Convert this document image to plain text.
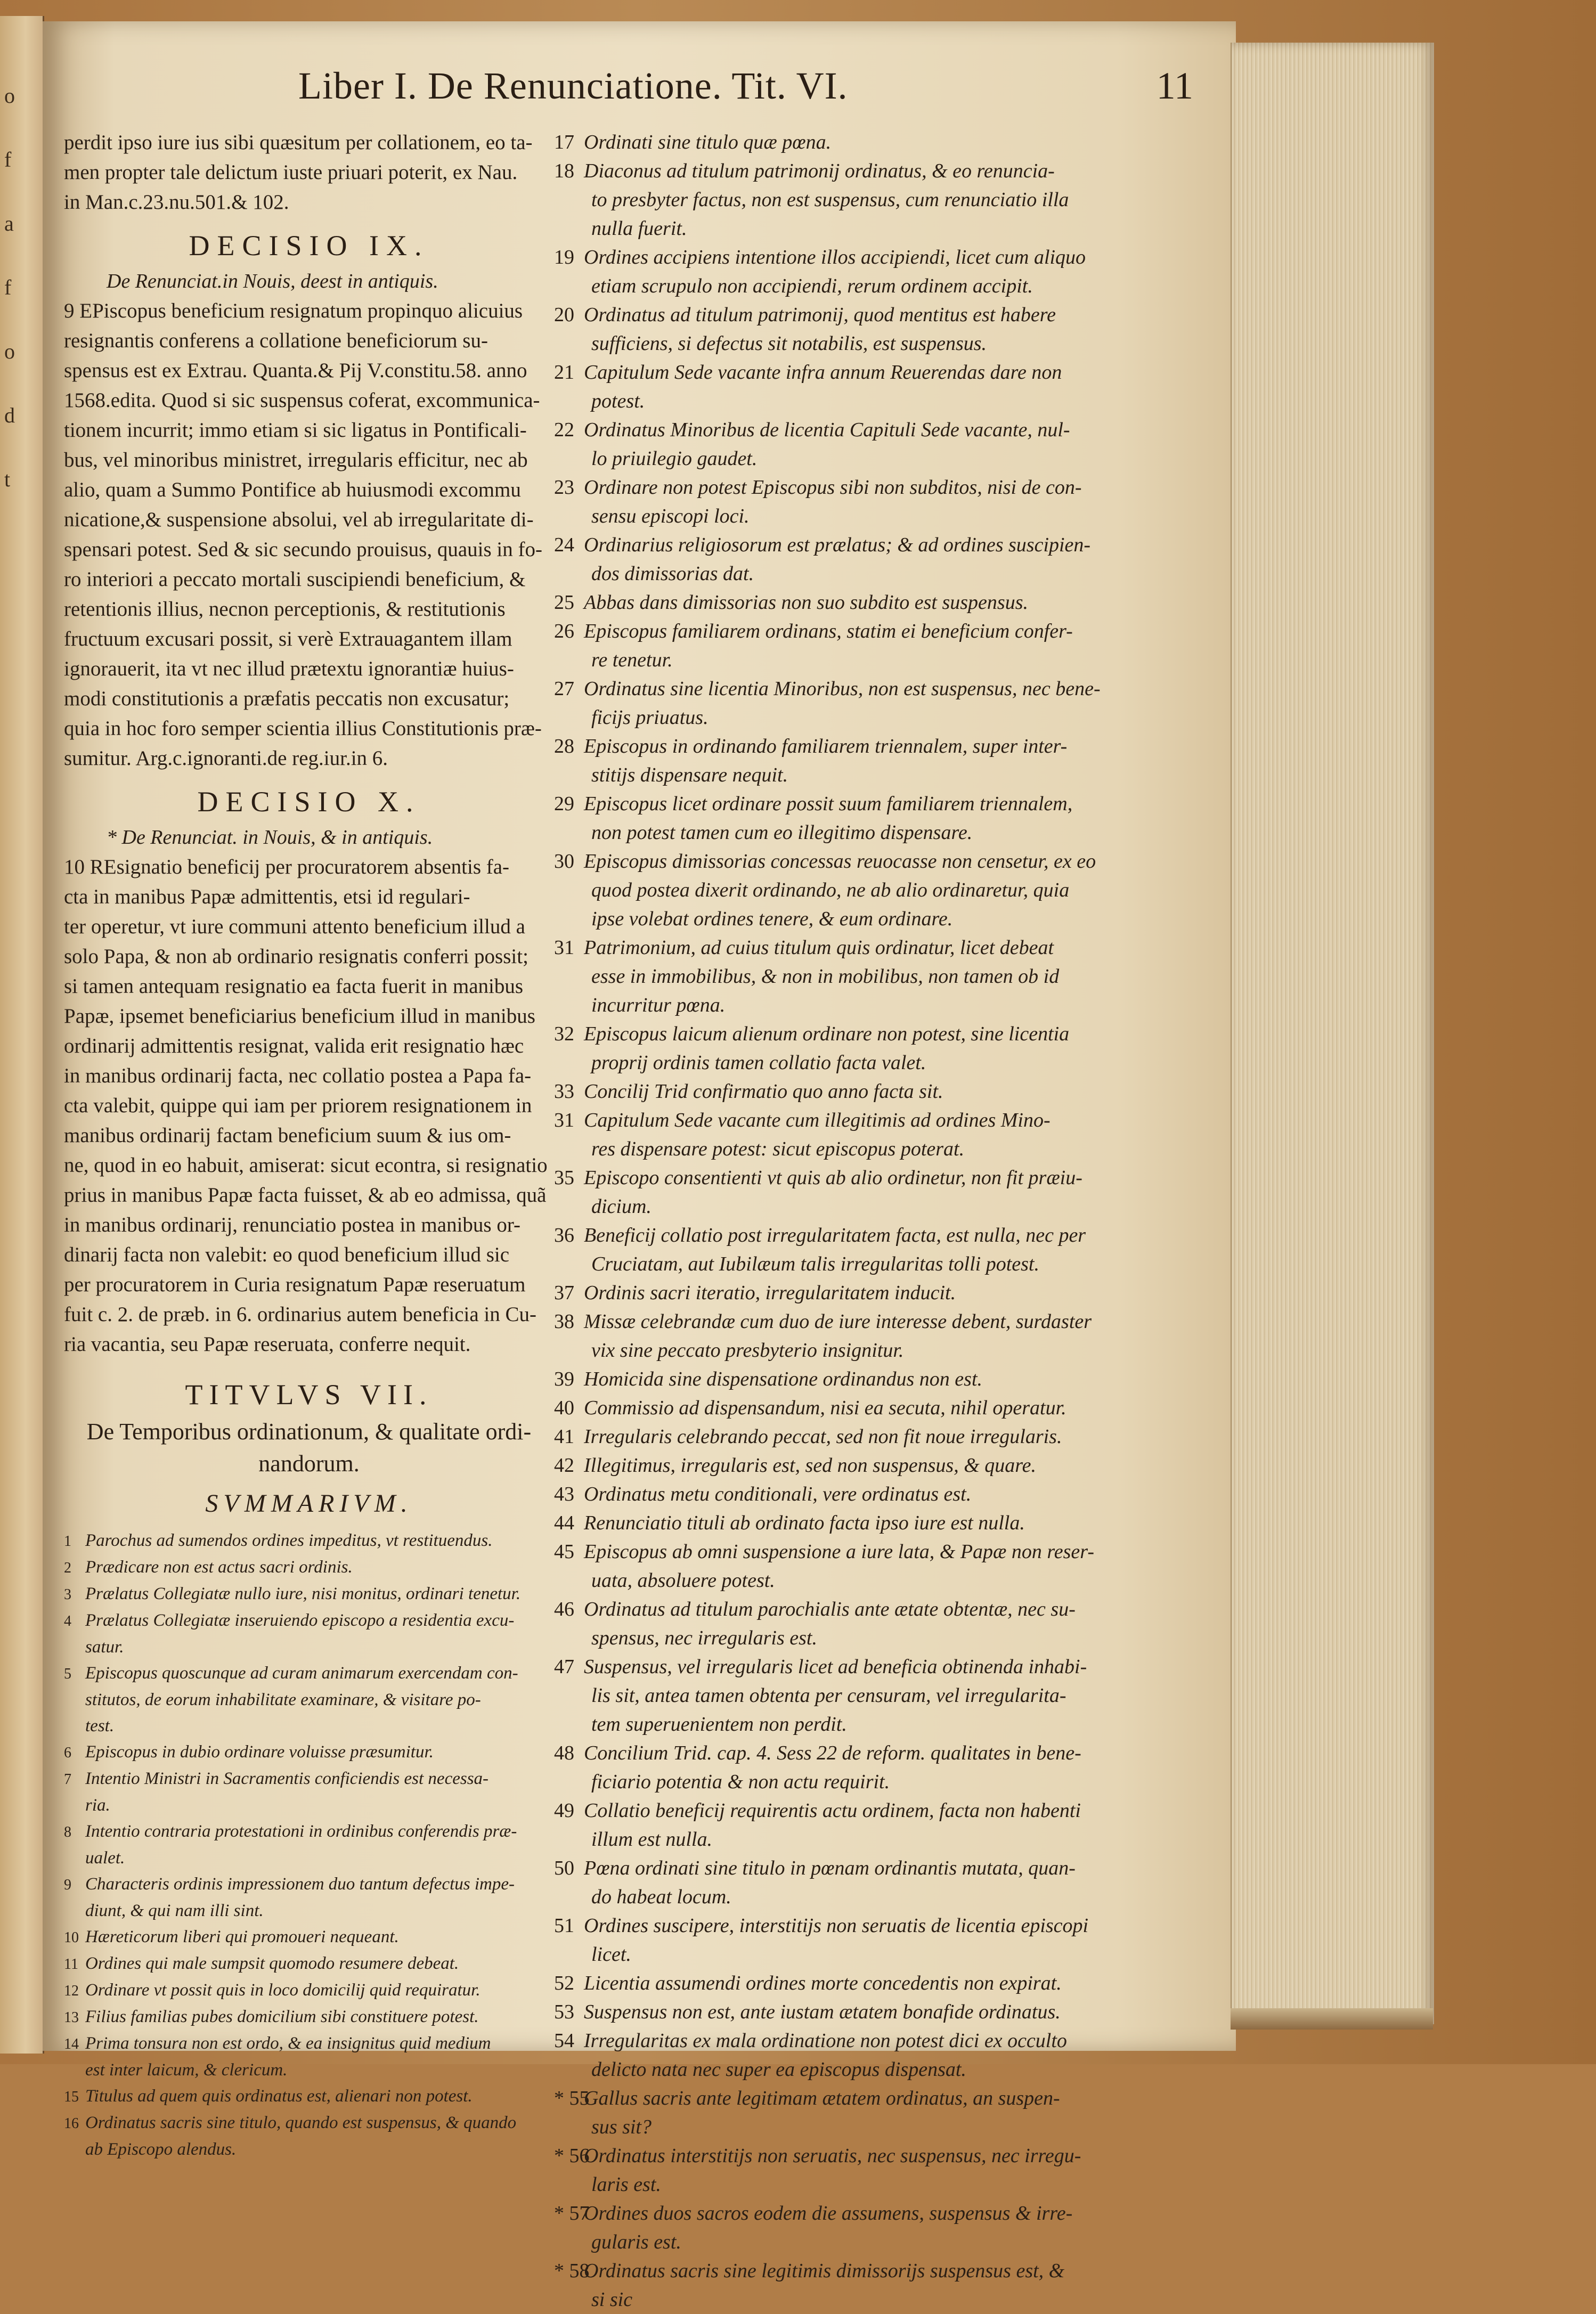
o
f
a
f
o
d
t
Liber I. De Renunciatione. Tit. VI.	11
perdit ipso iure ius sibi quæsitum per collationem, eo ta-
men propter tale delictum iuste priuari poterit, ex Nau.
in Man.c.23.nu.501.& 102.
DECISIO IX.
De Renunciat.in Nouis, deest in antiquis.
9 EPiscopus beneficium resignatum propinquo alicuius
resignantis conferens a collatione beneficiorum su-
spensus est ex Extrau. Quanta.& Pij V.constitu.58. anno
1568.edita. Quod si sic suspensus coferat, excommunica-
tionem incurrit; immo etiam si sic ligatus in Pontificali-
bus, vel minoribus ministret, irregularis efficitur, nec ab
alio, quam a Summo Pontifice ab huiusmodi excommu
nicatione,& suspensione absolui, vel ab irregularitate di-
spensari potest. Sed & sic secundo prouisus, quauis in fo-
ro interiori a peccato mortali suscipiendi beneficium, &
retentionis illius, necnon perceptionis, & restitutionis
fructuum excusari possit, si verè Extrauagantem illam
ignorauerit, ita vt nec illud prætextu ignorantiæ huius-
modi constitutionis a præfatis peccatis non excusatur;
quia in hoc foro semper scientia illius Constitutionis præ-
sumitur. Arg.c.ignoranti.de reg.iur.in 6.
DECISIO X.
* De Renunciat. in Nouis, & in antiquis.
10 REsignatio beneficij per procuratorem absentis fa-
cta in manibus Papæ admittentis, etsi id regulari-
ter operetur, vt iure communi attento beneficium illud a
solo Papa, & non ab ordinario resignatis conferri possit;
si tamen antequam resignatio ea facta fuerit in manibus
Papæ, ipsemet beneficiarius beneficium illud in manibus
ordinarij admittentis resignat, valida erit resignatio hæc
in manibus ordinarij facta, nec collatio postea a Papa fa-
cta valebit, quippe qui iam per priorem resignationem in
manibus ordinarij factam beneficium suum & ius om-
ne, quod in eo habuit, amiserat: sicut econtra, si resignatio
prius in manibus Papæ facta fuisset, & ab eo admissa, quã
in manibus ordinarij, renunciatio postea in manibus or-
dinarij facta non valebit: eo quod beneficium illud sic
per procuratorem in Curia resignatum Papæ reseruatum
fuit c. 2. de præb. in 6. ordinarius autem beneficia in Cu-
ria vacantia, seu Papæ reseruata, conferre nequit.
TITVLVS VII.
De Temporibus ordinationum, & qualitate ordi-
nandorum.
SVMMARIVM.
1 Parochus ad sumendos ordines impeditus, vt restituendus.
2 Prædicare non est actus sacri ordinis.
3 Prælatus Collegiatæ nullo iure, nisi monitus, ordinari tenetur.
4 Prælatus Collegiatæ inseruiendo episcopo a residentia excu-
satur.
5 Episcopus quoscunque ad curam animarum exercendam con-
stitutos, de eorum inhabilitate examinare, & visitare po-
test.
6 Episcopus in dubio ordinare voluisse præsumitur.
7 Intentio Ministri in Sacramentis conficiendis est necessa-
ria.
8 Intentio contraria protestationi in ordinibus conferendis præ-
ualet.
9 Characteris ordinis impressionem duo tantum defectus impe-
diunt, & qui nam illi sint.
10 Hæreticorum liberi qui promoueri nequeant.
11 Ordines qui male sumpsit quomodo resumere debeat.
12 Ordinare vt possit quis in loco domicilij quid requiratur.
13 Filius familias pubes domicilium sibi constituere potest.
14 Prima tonsura non est ordo, & ea insignitus quid medium
est inter laicum, & clericum.
15 Titulus ad quem quis ordinatus est, alienari non potest.
16 Ordinatus sacris sine titulo, quando est suspensus, & quando
ab Episcopo alendus.
17 Ordinati sine titulo quæ pœna.
18 Diaconus ad titulum patrimonij ordinatus, & eo renuncia-
to presbyter factus, non est suspensus, cum renunciatio illa
nulla fuerit.
19 Ordines accipiens intentione illos accipiendi, licet cum aliquo
etiam scrupulo non accipiendi, rerum ordinem accipit.
20 Ordinatus ad titulum patrimonij, quod mentitus est habere
sufficiens, si defectus sit notabilis, est suspensus.
21 Capitulum Sede vacante infra annum Reuerendas dare non
potest.
22 Ordinatus Minoribus de licentia Capituli Sede vacante, nul-
lo priuilegio gaudet.
23 Ordinare non potest Episcopus sibi non subditos, nisi de con-
sensu episcopi loci.
24 Ordinarius religiosorum est prælatus; & ad ordines suscipien-
dos dimissorias dat.
25 Abbas dans dimissorias non suo subdito est suspensus.
26 Episcopus familiarem ordinans, statim ei beneficium confer-
re tenetur.
27 Ordinatus sine licentia Minoribus, non est suspensus, nec bene-
ficijs priuatus.
28 Episcopus in ordinando familiarem triennalem, super inter-
stitijs dispensare nequit.
29 Episcopus licet ordinare possit suum familiarem triennalem,
non potest tamen cum eo illegitimo dispensare.
30 Episcopus dimissorias concessas reuocasse non censetur, ex eo
quod postea dixerit ordinando, ne ab alio ordinaretur, quia
ipse volebat ordines tenere, & eum ordinare.
31 Patrimonium, ad cuius titulum quis ordinatur, licet debeat
esse in immobilibus, & non in mobilibus, non tamen ob id
incurritur pœna.
32 Episcopus laicum alienum ordinare non potest, sine licentia
proprij ordinis tamen collatio facta valet.
33 Concilij Trid confirmatio quo anno facta sit.
31 Capitulum Sede vacante cum illegitimis ad ordines Mino-
res dispensare potest: sicut episcopus poterat.
35 Episcopo consentienti vt quis ab alio ordinetur, non fit præiu-
dicium.
36 Beneficij collatio post irregularitatem facta, est nulla, nec per
Cruciatam, aut Iubilæum talis irregularitas tolli potest.
37 Ordinis sacri iteratio, irregularitatem inducit.
38 Missæ celebrandæ cum duo de iure interesse debent, surdaster
vix sine peccato presbyterio insignitur.
39 Homicida sine dispensatione ordinandus non est.
40 Commissio ad dispensandum, nisi ea secuta, nihil operatur.
41 Irregularis celebrando peccat, sed non fit noue irregularis.
42 Illegitimus, irregularis est, sed non suspensus, & quare.
43 Ordinatus metu conditionali, vere ordinatus est.
44 Renunciatio tituli ab ordinato facta ipso iure est nulla.
45 Episcopus ab omni suspensione a iure lata, & Papæ non reser-
uata, absoluere potest.
46 Ordinatus ad titulum parochialis ante ætate obtentæ, nec su-
spensus, nec irregularis est.
47 Suspensus, vel irregularis licet ad beneficia obtinenda inhabi-
lis sit, antea tamen obtenta per censuram, vel irregularita-
tem superuenientem non perdit.
48 Concilium Trid. cap. 4. Sess 22 de reform. qualitates in bene-
ficiario potentia & non actu requirit.
49 Collatio beneficij requirentis actu ordinem, facta non habenti
illum est nulla.
50 Pœna ordinati sine titulo in pœnam ordinantis mutata, quan-
do habeat locum.
51 Ordines suscipere, interstitijs non seruatis de licentia episcopi
licet.
52 Licentia assumendi ordines morte concedentis non expirat.
53 Suspensus non est, ante iustam ætatem bonafide ordinatus.
54 Irregularitas ex mala ordinatione non potest dici ex occulto
delicto nata nec super ea episcopus dispensat.
* 55Gallus sacris ante legitimam ætatem ordinatus, an suspen-
sus sit?
* 56Ordinatus interstitijs non seruatis, nec suspensus, nec irregu-
laris est.
* 57Ordines duos sacros eodem die assumens, suspensus & irre-
gularis est.
* 58Ordinatus sacris sine legitimis dimissorijs suspensus est, &
si sic
